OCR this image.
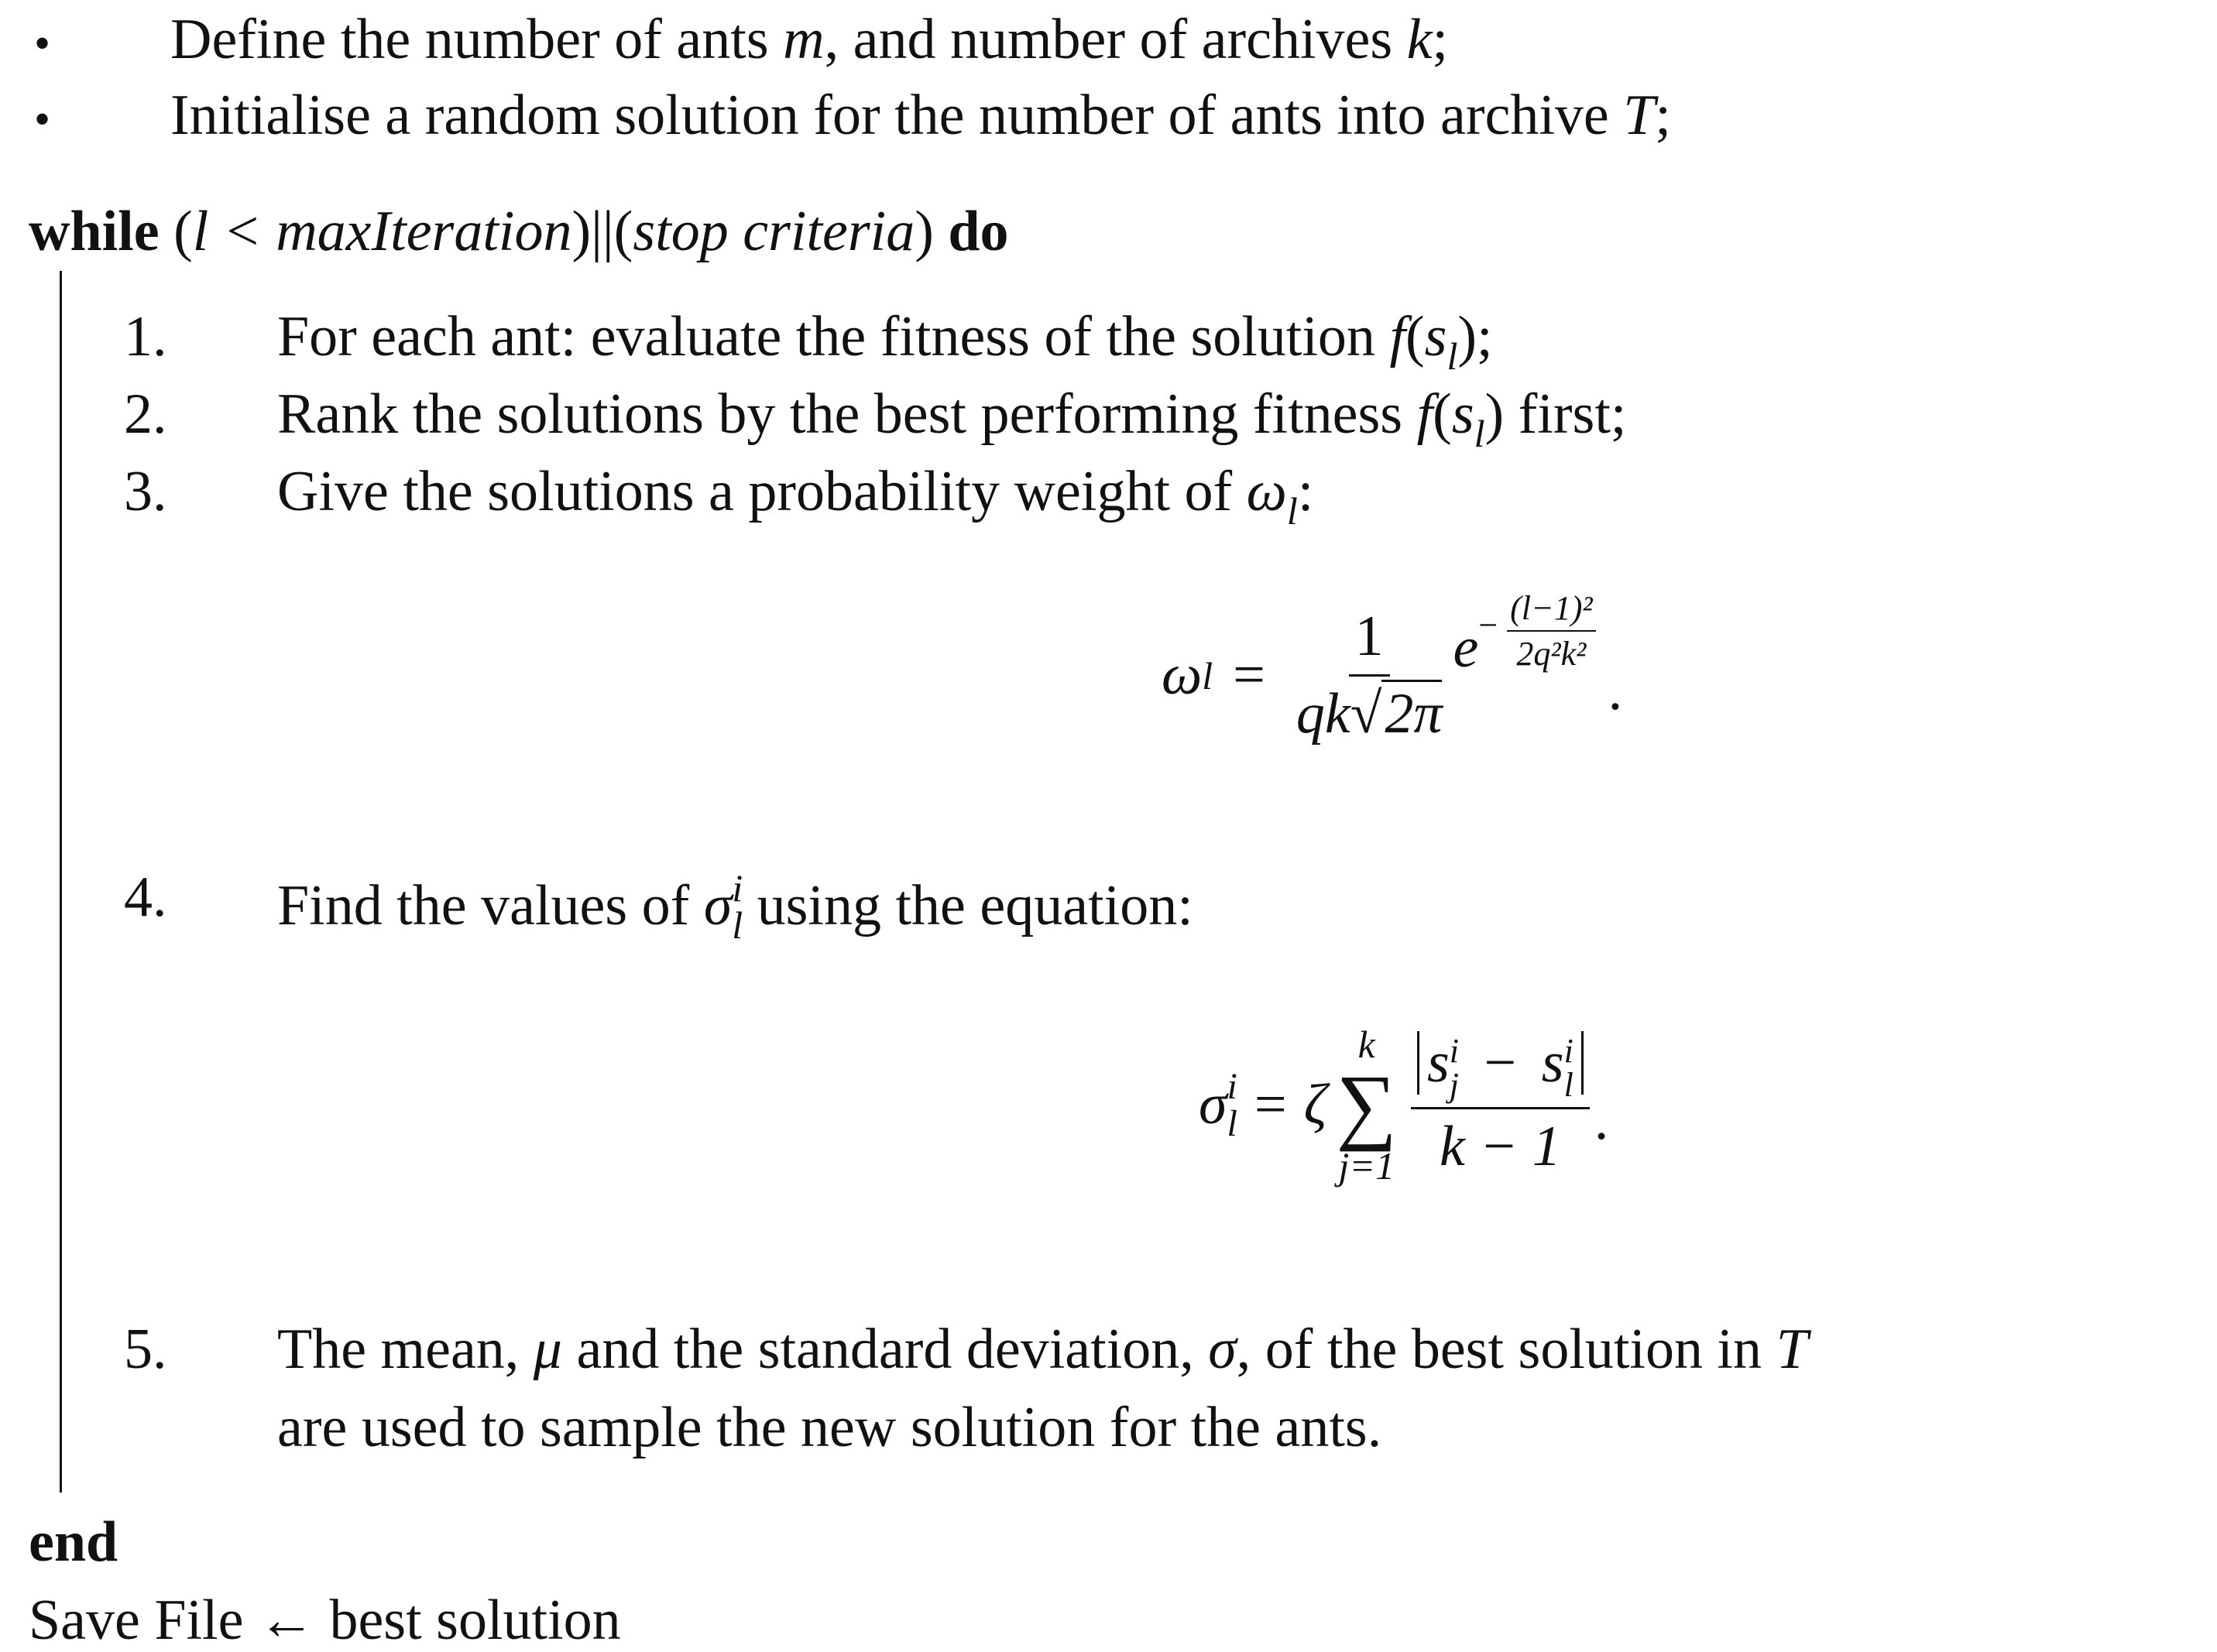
while (l < maxIteration)||(stop criteria) do
ω $l = \frac{1}{qk√2\pi}$ $e - \frac{\text{(l−1)²}}{\text{2q²k²}}$
.
σ i
l = ζ
k
∑
j=1 s i
j − s i
l
k − 1 .
end
Save File ← best solution
• Define the number of ants m, and number of archives k;
• Initialise a random solution for the number of ants into archive T;
1. For each ant: evaluate the fitness of the solution $f(s_l)$;
2. Rank the solutions by the best performing fitness $f(s_l)$ first;
3. Give the solutions a probability weight of $\omega_l$:
4. Find the values of $\sigma^i_l$ using the equation:
5. The mean, μ and the standard deviation, σ, of the best solution in T
are used to sample the new solution for the ants.
